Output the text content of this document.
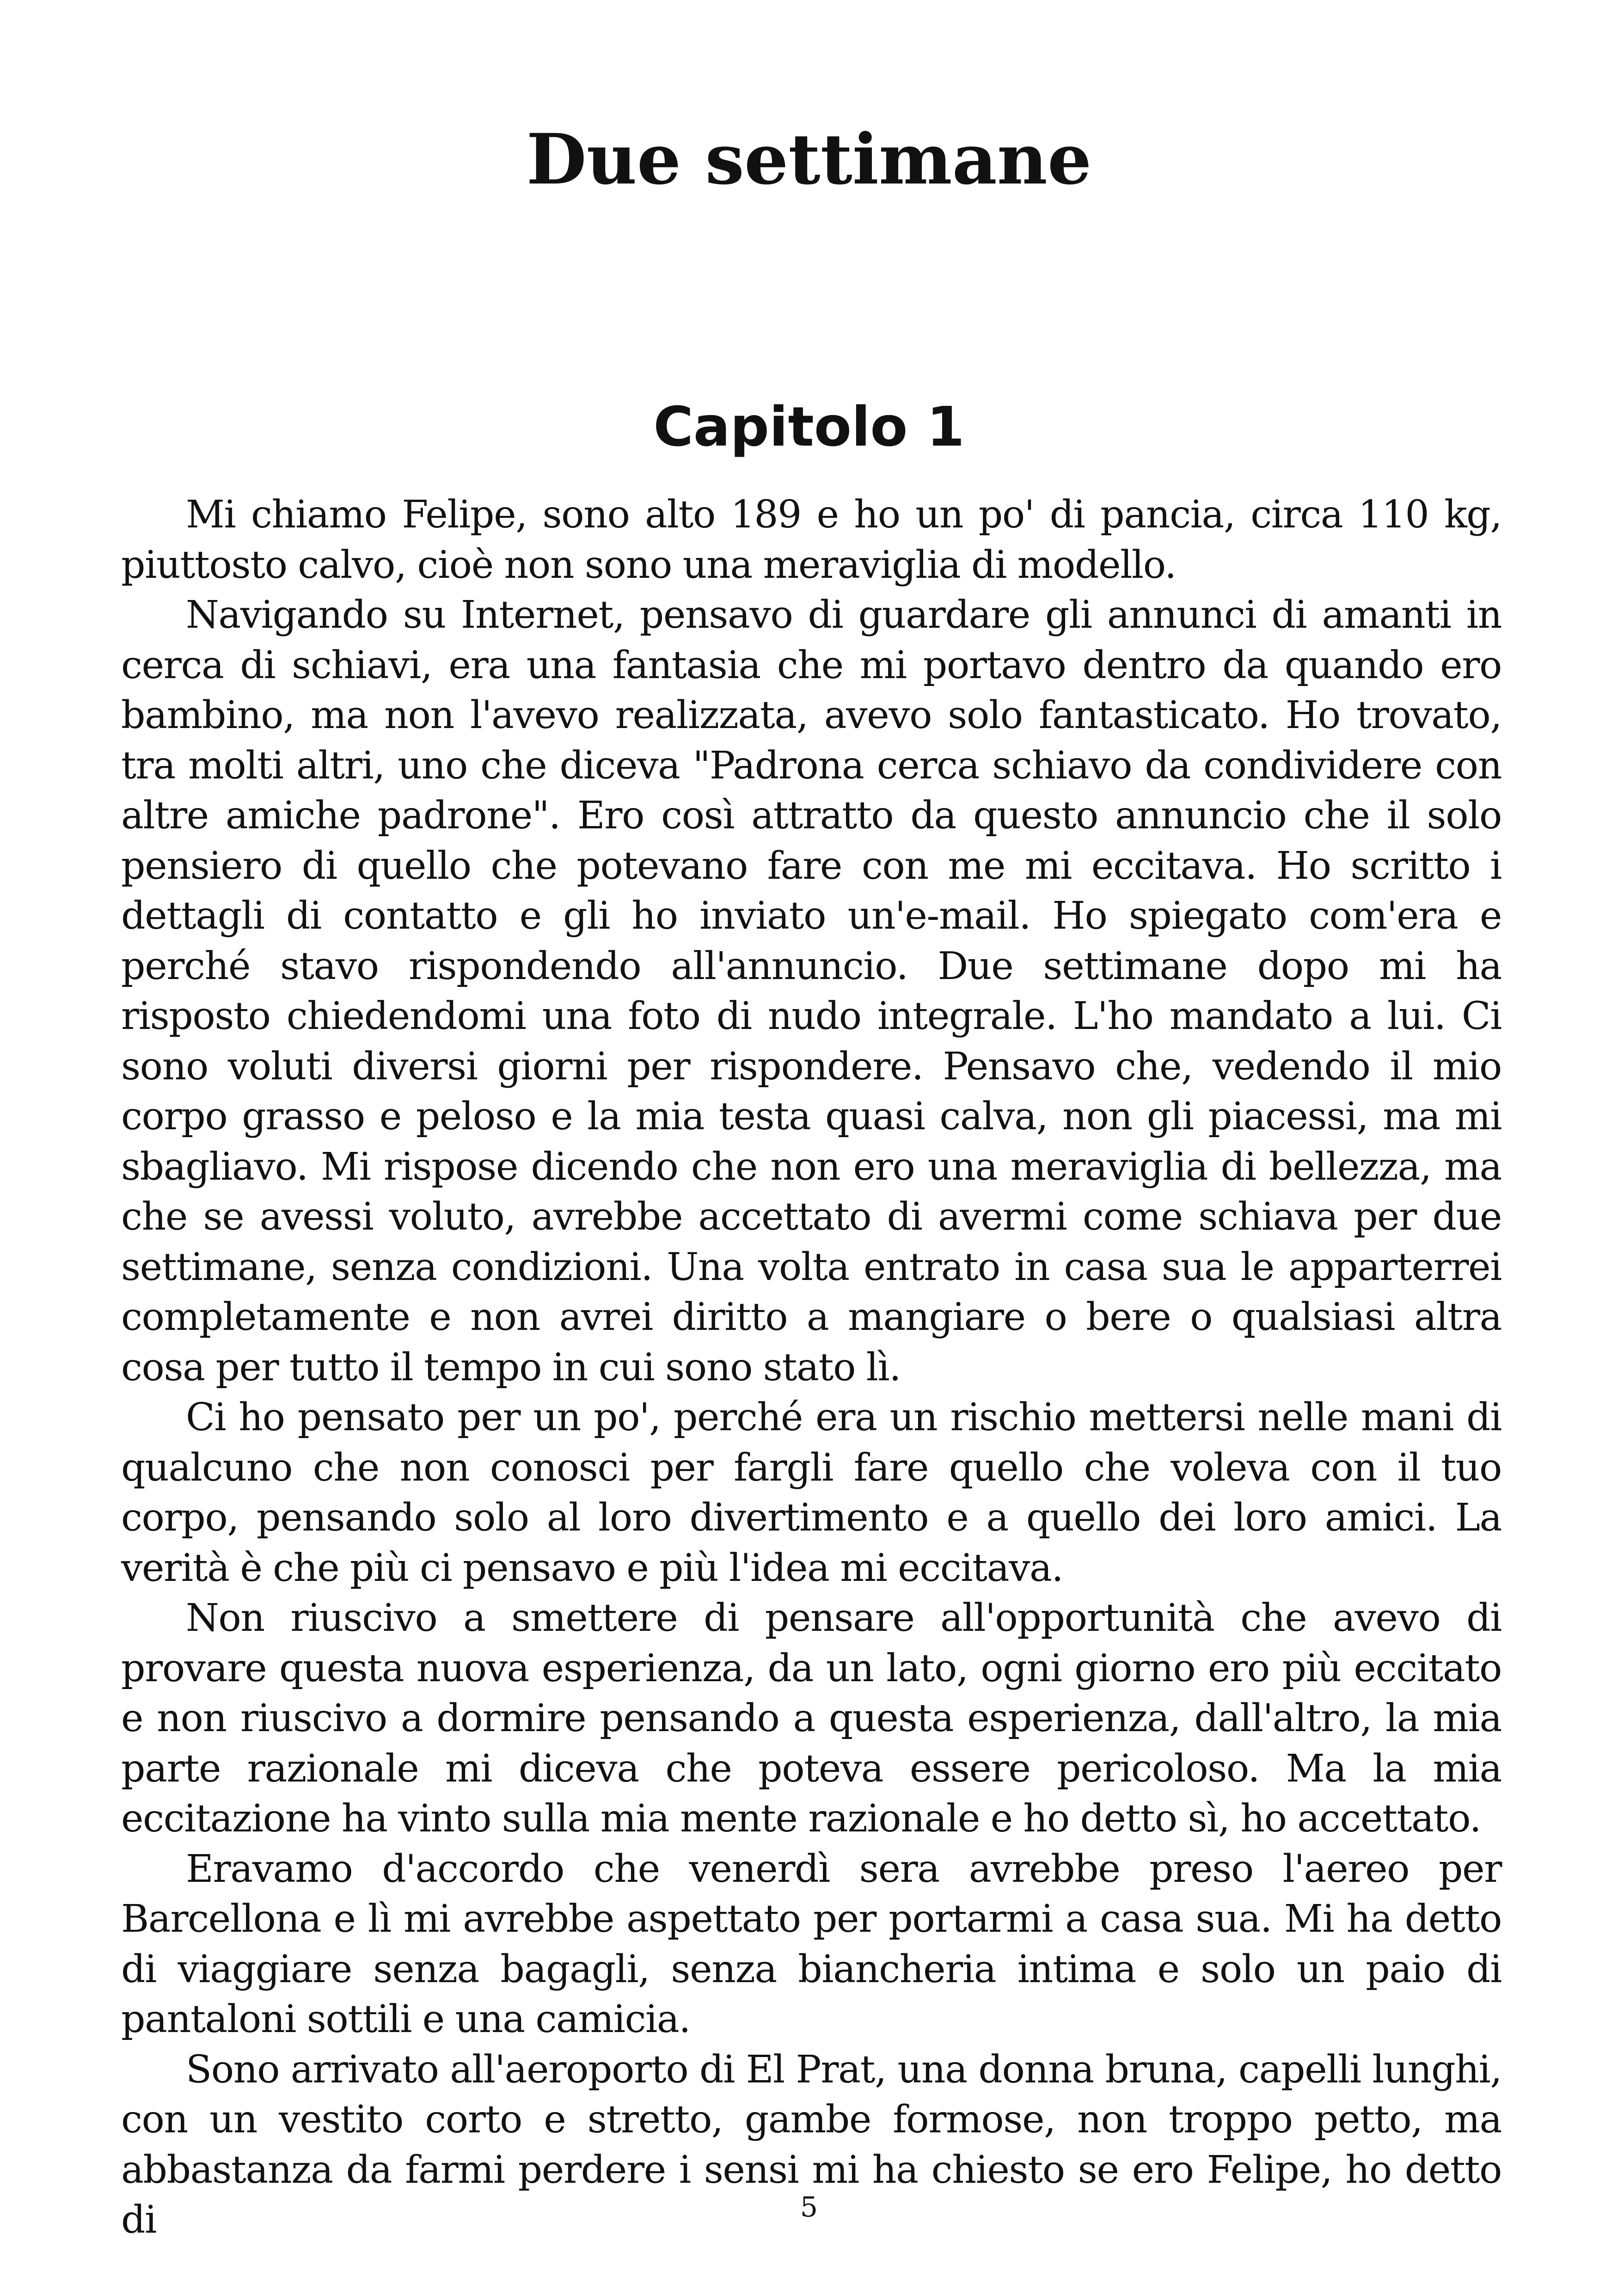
Due settimane
Capitolo 1

Mi chiamo Felipe, sono alto 189 e ho un po' di pancia, circa 110 kg, piuttosto calvo, cioè non sono una meraviglia di modello.

Navigando su Internet, pensavo di guardare gli annunci di amanti in cerca di schiavi, era una fantasia che mi portavo dentro da quando ero bambino, ma non l'avevo realizzata, avevo solo fantasticato. Ho trovato, tra molti altri, uno che diceva "Padrona cerca schiavo da condividere con altre amiche padrone". Ero così attratto da questo annuncio che il solo pensiero di quello che potevano fare con me mi eccitava. Ho scritto i dettagli di contatto e gli ho inviato un'e-mail. Ho spiegato com'era e perché stavo rispondendo all'annuncio. Due settimane dopo mi ha risposto chiedendomi una foto di nudo integrale. L'ho mandato a lui. Ci sono voluti diversi giorni per rispondere. Pensavo che, vedendo il mio corpo grasso e peloso e la mia testa quasi calva, non gli piacessi, ma mi sbagliavo. Mi rispose dicendo che non ero una meraviglia di bellezza, ma che se avessi voluto, avrebbe accettato di avermi come schiava per due settimane, senza condizioni. Una volta entrato in casa sua le apparterrei completamente e non avrei diritto a mangiare o bere o qualsiasi altra cosa per tutto il tempo in cui sono stato lì.

Ci ho pensato per un po', perché era un rischio mettersi nelle mani di qualcuno che non conosci per fargli fare quello che voleva con il tuo corpo, pensando solo al loro divertimento e a quello dei loro amici. La verità è che più ci pensavo e più l'idea mi eccitava.

Non riuscivo a smettere di pensare all'opportunità che avevo di provare questa nuova esperienza, da un lato, ogni giorno ero più eccitato e non riuscivo a dormire pensando a questa esperienza, dall'altro, la mia parte razionale mi diceva che poteva essere pericoloso. Ma la mia eccitazione ha vinto sulla mia mente razionale e ho detto sì, ho accettato.

Eravamo d'accordo che venerdì sera avrebbe preso l'aereo per Barcellona e lì mi avrebbe aspettato per portarmi a casa sua. Mi ha detto di viaggiare senza bagagli, senza biancheria intima e solo un paio di pantaloni sottili e una camicia.

Sono arrivato all'aeroporto di El Prat, una donna bruna, capelli lunghi, con un vestito corto e stretto, gambe formose, non troppo petto, ma abbastanza da farmi perdere i sensi mi ha chiesto se ero Felipe, ho detto di	5
